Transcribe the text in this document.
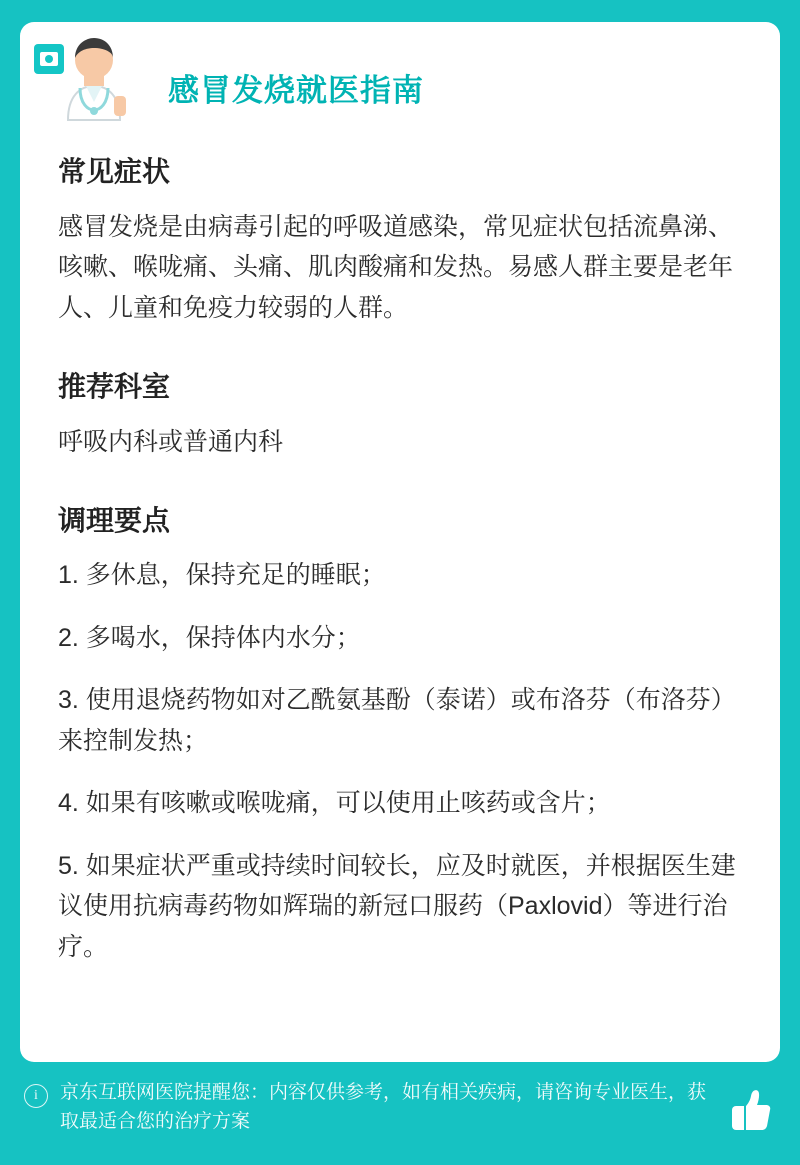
感冒发烧就医指南
常见症状

感冒发烧是由病毒引起的呼吸道感染，常见症状包括流鼻涕、咳嗽、喉咙痛、头痛、肌肉酸痛和发热。易感人群主要是老年人、儿童和免疫力较弱的人群。

推荐科室

呼吸内科或普通内科

调理要点
1. 多休息，保持充足的睡眠；
2. 多喝水，保持体内水分；
3. 使用退烧药物如对乙酰氨基酚（泰诺）或布洛芬（布洛芬）来控制发热；
4. 如果有咳嗽或喉咙痛，可以使用止咳药或含片；
5. 如果症状严重或持续时间较长，应及时就医，并根据医生建议使用抗病毒药物如辉瑞的新冠口服药（Paxlovid）等进行治疗。
i	京东互联网医院提醒您：内容仅供参考，如有相关疾病，请咨询专业医生，获取最适合您的治疗方案
